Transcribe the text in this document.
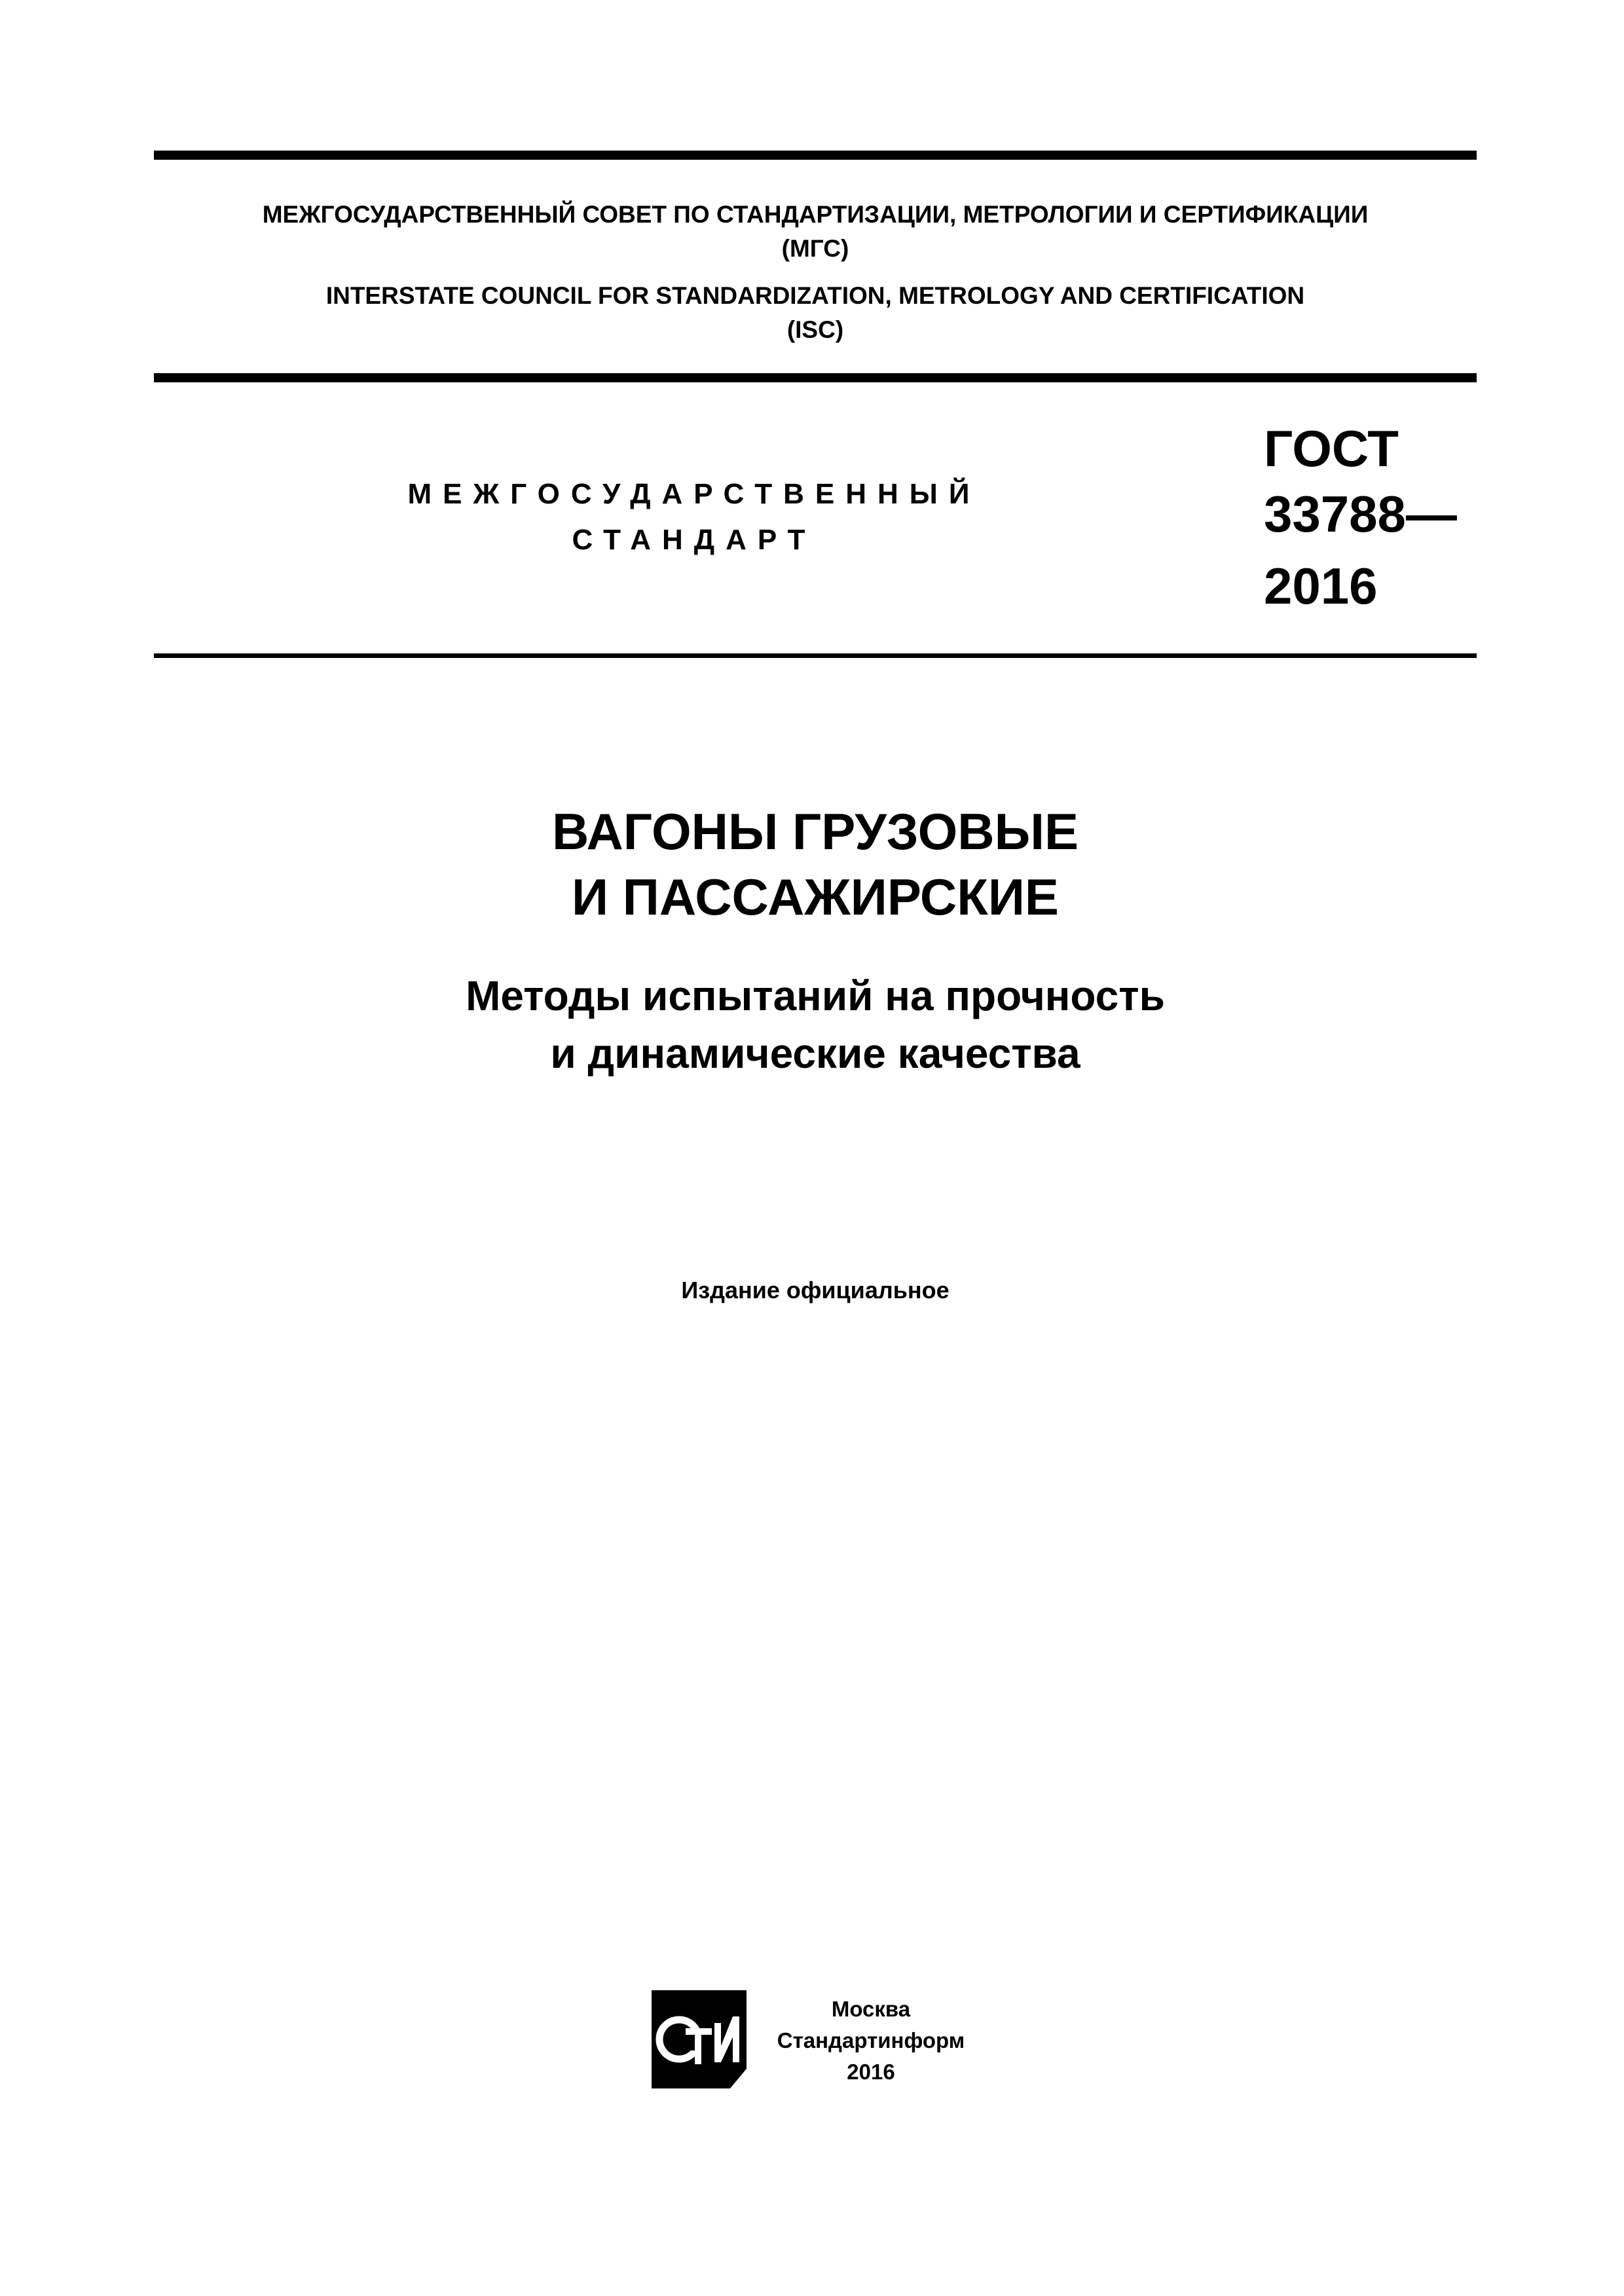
МЕЖГОСУДАРСТВЕННЫЙ СОВЕТ ПО СТАНДАРТИЗАЦИИ, МЕТРОЛОГИИ И СЕРТИФИКАЦИИ
(МГС)
INTERSTATE COUNCIL FOR STANDARDIZATION, METROLOGY AND CERTIFICATION
(ISC)
МЕЖГОСУДАРСТВЕННЫЙ
СТАНДАРТ
ГОСТ
33788—
2016
ВАГОНЫ ГРУЗОВЫЕ
И ПАССАЖИРСКИЕ
Методы испытаний на прочность
и динамические качества
Издание официальное
Москва
Стандартинформ
2016
